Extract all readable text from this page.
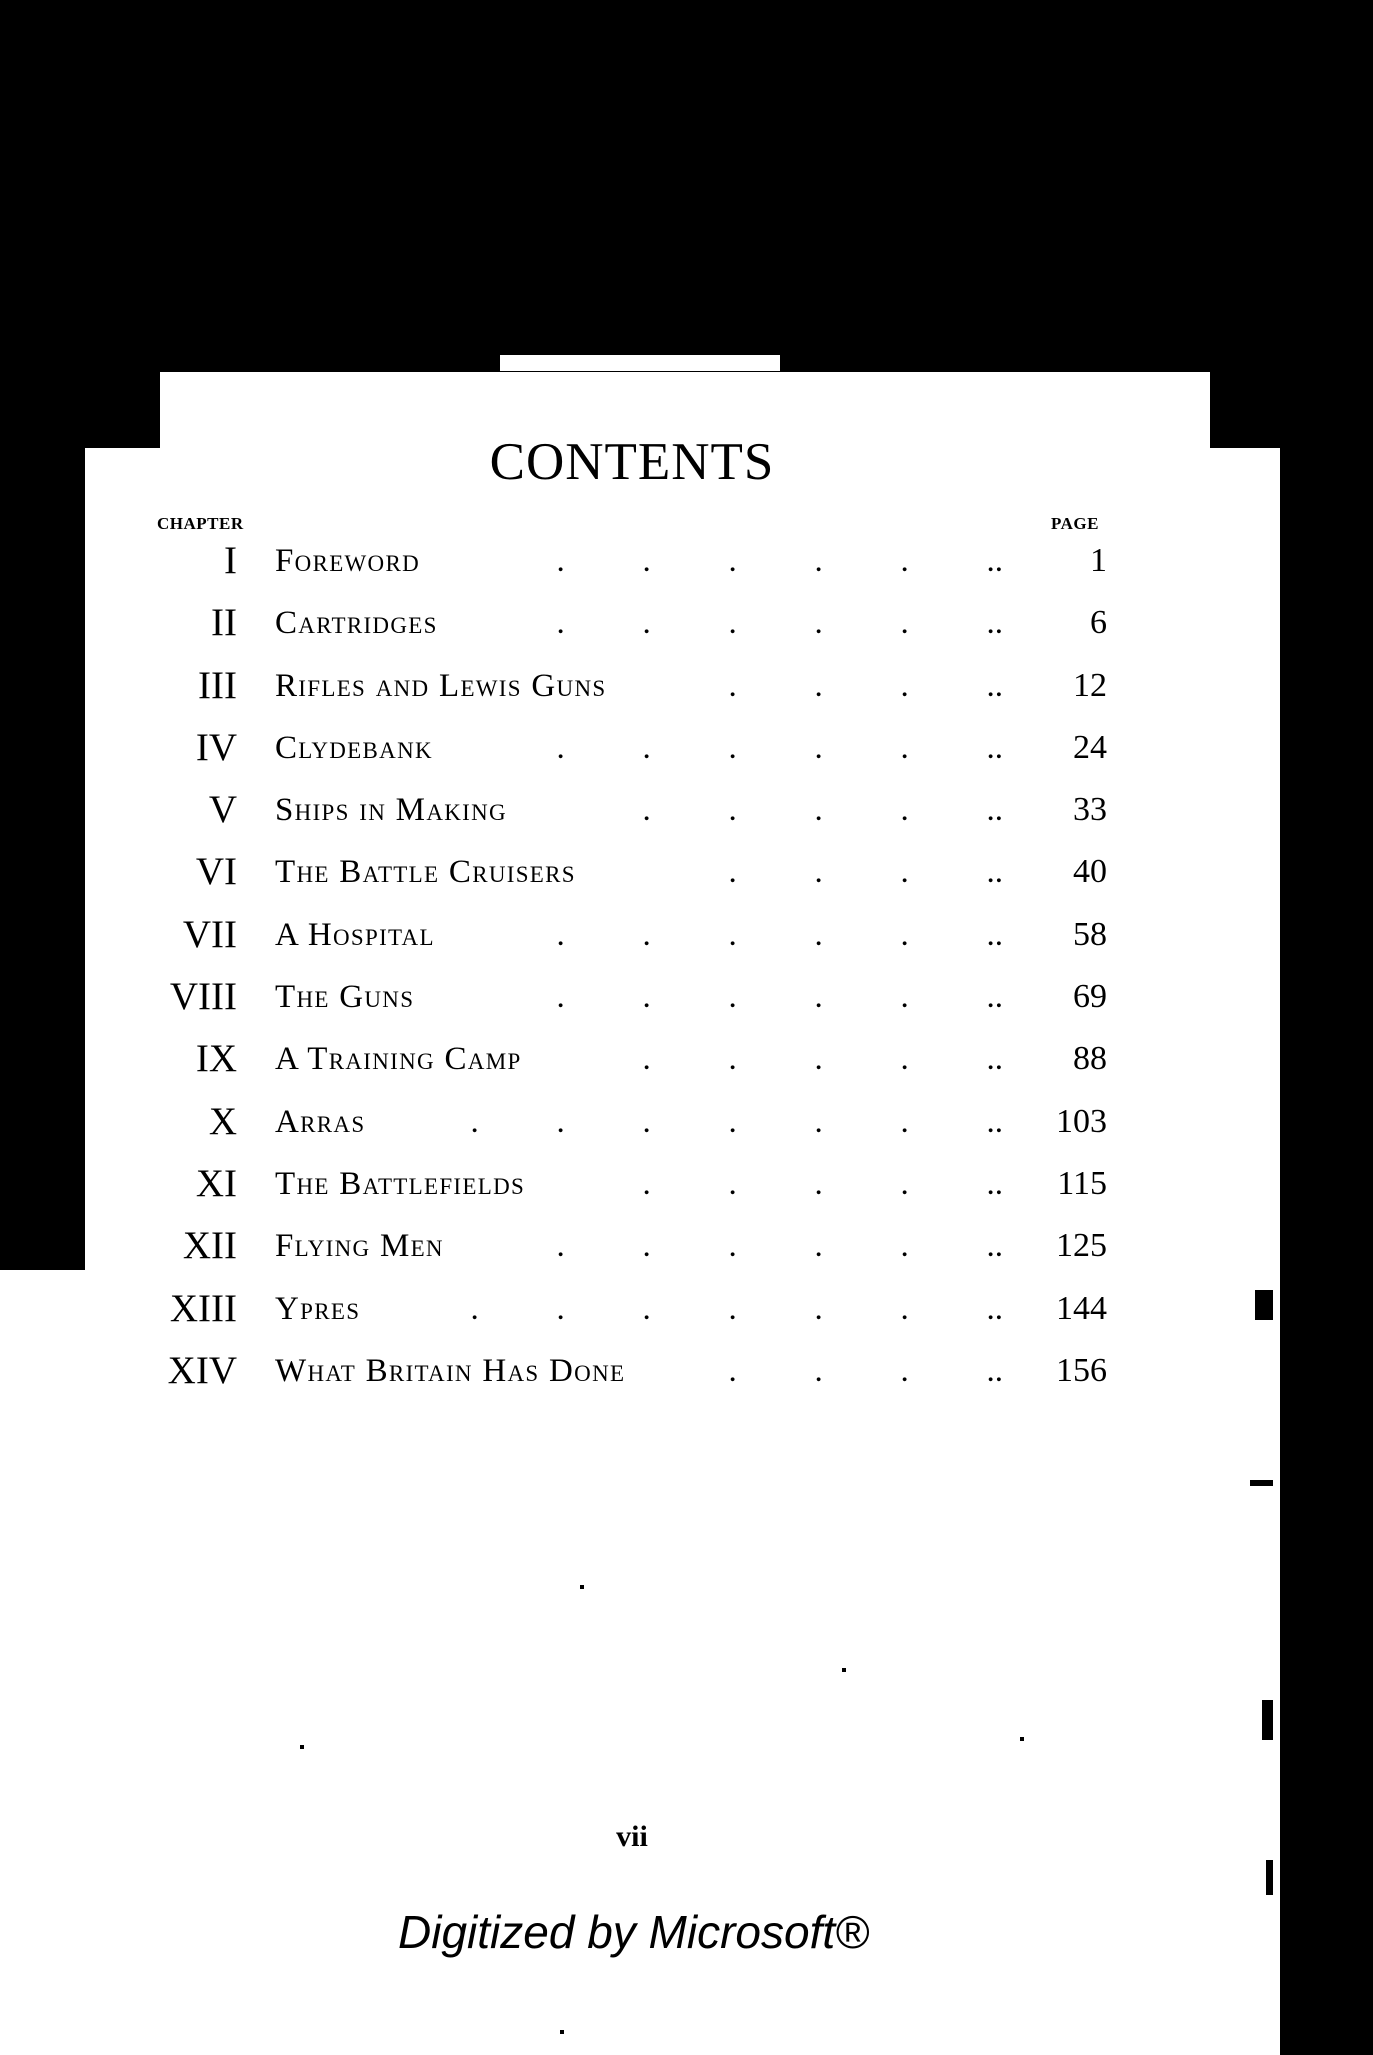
CONTENTS
CHAPTER	PAGE
I Foreword	. . . . . ..	1
II Cartridges	. . . . . ..	6
III Rifles and Lewis Guns	. . . .. 12
IV Clydebank	. . . . . .. 24
V Ships in Making	. . . . .. 33
VI The Battle Cruisers	. . . .. 40
VII A Hospital	. . . . . .. 58
VIII The Guns	. . . . . .. 69
IX A Training Camp	. . . . .. 88
X Arras	. . . . . . .. 103
XI The Battlefields	. . . . .. 115
XII Flying Men	. . . . . .. 125
XIII Ypres	. . . . . . .. 144
XIV What Britain Has Done	. . . .. 156
vii
Digitized by Microsoft®
